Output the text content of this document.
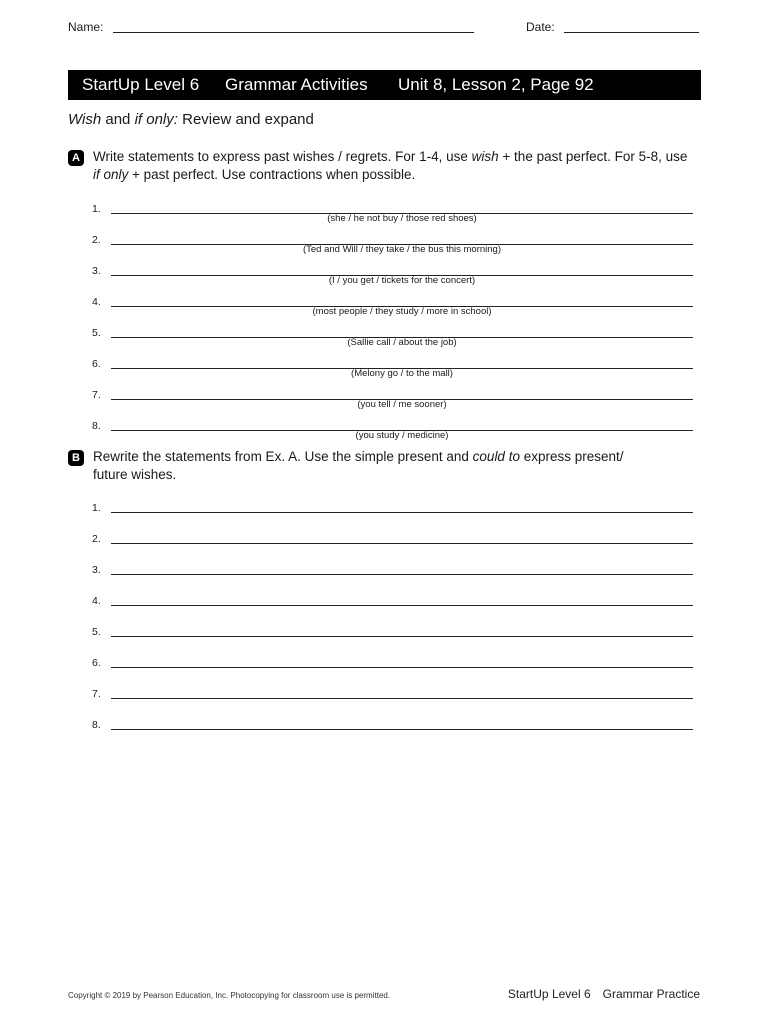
Name:	Date:
StartUp Level 6 Grammar Activities Unit 8, Lesson 2, Page 92
Wish and if only: Review and expand
A Write statements to express past wishes / regrets. For 1-4, use wish + the past perfect. For 5-8, use
if only + past perfect. Use contractions when possible.
1.
(she / he not buy / those red shoes)
2.
(Ted and Will / they take / the bus this morning)
3.
(I / you get / tickets for the concert)
4.
(most people / they study / more in school)
5.
(Sallie call / about the job)
6.
(Melony go / to the mall)
7.
(you tell / me sooner)
8.
(you study / medicine)
B Rewrite the statements from Ex. A. Use the simple present and could to express present/
future wishes.
1.
2.
3.
4.
5.
6.
7.
8.
Copyright © 2019 by Pearson Education, Inc. Photocopying for classroom use is permitted.	StartUp Level 6 Grammar Practice
